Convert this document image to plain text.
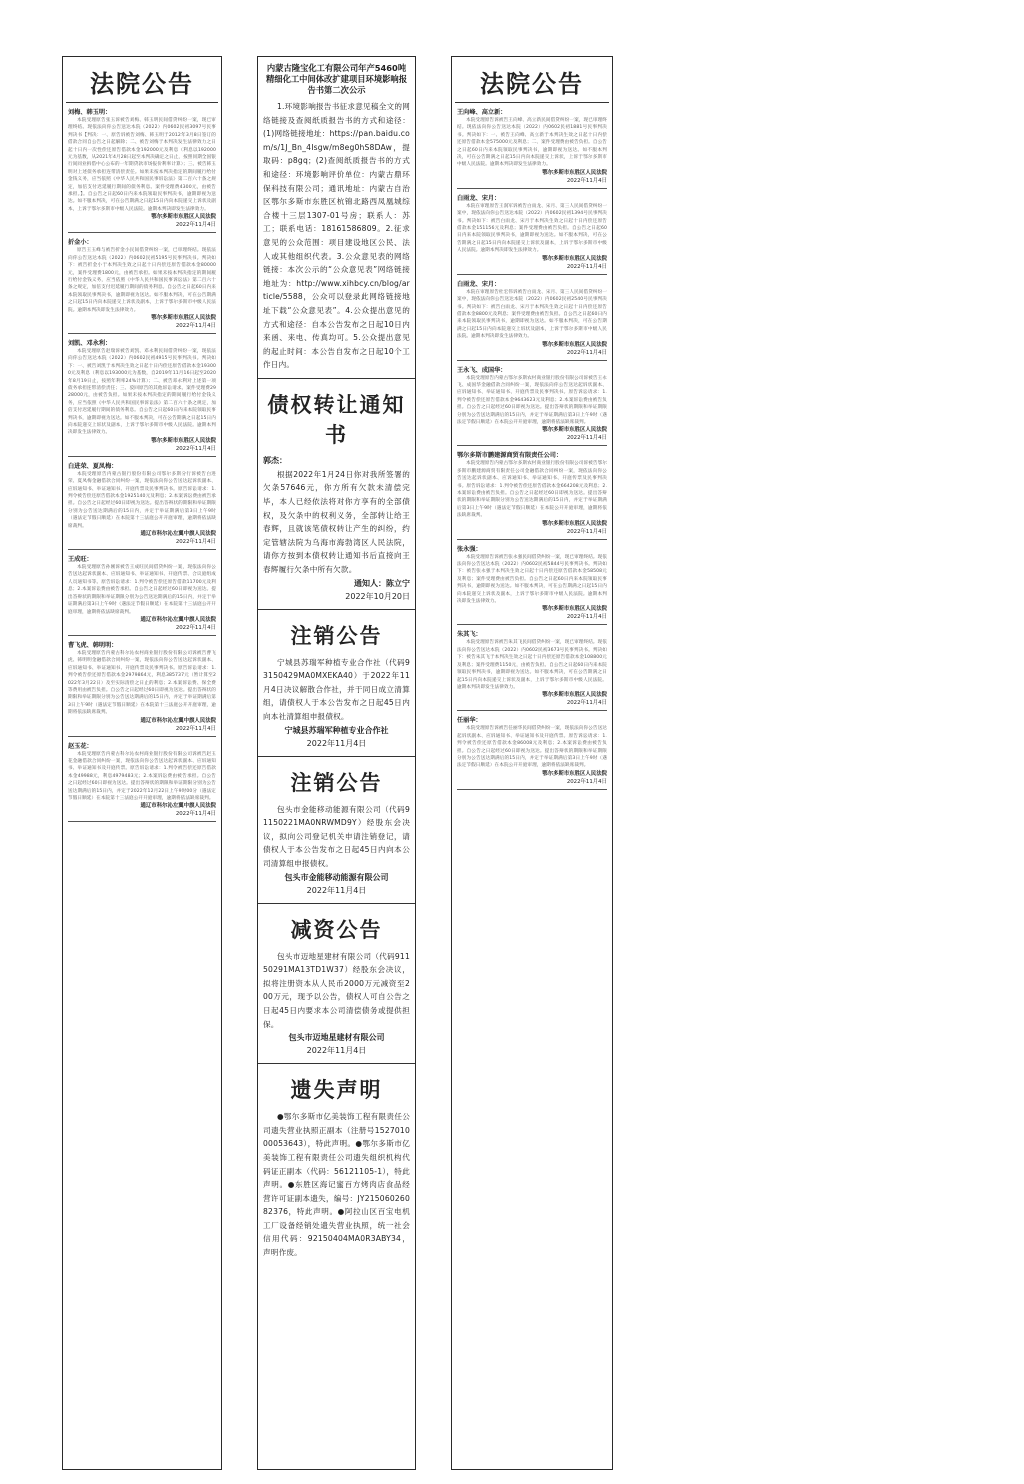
法院公告
刘梅、韩玉明：
本院受理原告张玉诉被告刘梅、韩玉明民间借贷纠纷一案，现已审理终结。现依法向你公告送达本院（2022）内0602民初3097号民事判决书【判决：一、原告诉被告刘梅、韩玉明于2012年3月8日签订的借款合同自公告之日起解除；二、被告刘梅于本判决发生法律效力之日起十日内一次性偿还原告借款本金192000元及利息（利息以192000元为基数，从2021年4月28日起至本判决确定之日止，按照同期全国银行间同业拆借中心公布的一年期贷款市场报价利率计算）；三、被告韩玉明对上述债务承担连带清偿责任。如果未按本判决指定的期间履行给付金钱义务，应当依照《中华人民共和国民事诉讼法》第二百六十条之规定，加倍支付迟延履行期间的债务利息。案件受理费4300元，由被告承担。】。自公告之日起60日内来本院领取民事判决书，逾期即视为送达。如不服本判决，可在公告期满之日起15日内向本院递交上诉状及副本，上诉于鄂尔多斯市中级人民法院。逾期本判决即发生法律效力。
鄂尔多斯市东胜区人民法院
2022年11月4日
折金小：
原告王玉峰与被告折金小民间借贷纠纷一案，已审理终结。现依法向你公告送达本院（2022）内0602民初5195号民事判决书。判决如下：被告折金小于本判决生效之日起十日内偿还原告借款本金80000元，案件受理费1800元，由被告承担。如果未按本判决指定的期间履行给付金钱义务，应当依照《中华人民共和国民事诉讼法》第二百六十条之规定，加倍支付迟延履行期间的债务利息。自公告之日起60日内来本院领取民事判决书，逾期即视为送达。如不服本判决，可在公告期满之日起15日内向本院递交上诉状及副本，上诉于鄂尔多斯市中级人民法院。逾期本判决即发生法律效力。
鄂尔多斯市东胜区人民法院
2022年11月4日
刘凯、邓永利：
本院受理原告赵瑞诉被告刘凯、邓永利民间借贷纠纷一案，现依法向你公告送达本院（2022）内0602民初4915号民事判决书。判决如下：一、被告刘凯于本判决生效之日起十日内偿还原告借款本金193000元及利息（利息以193000元为基数，自2019年11月16日起至2020年8月19日止，按照年利率24%计算）；二、被告邓永利对上述第一项债务承担连带清偿责任；三、驳回原告的其他诉讼请求。案件受理费2928000元，由被告负担。如果未按本判决指定的期间履行给付金钱义务，应当依照《中华人民共和国民事诉讼法》第二百六十条之规定，加倍支付迟延履行期间的债务利息。自公告之日起60日内来本院领取民事判决书，逾期即视为送达。如不服本判决，可在公告期满之日起15日内向本院递交上诉状及副本，上诉于鄂尔多斯市中级人民法院。逾期本判决即发生法律效力。
鄂尔多斯市东胜区人民法院
2022年11月4日
白进荣、夏凤梅：
本院受理原告内蒙古银行股份有限公司鄂尔多斯分行诉被告白进荣、夏凤梅金融借款合同纠纷一案，现依法向你公告送达起诉状副本、应诉通知书、举证通知书、开庭传票及民事判决书。原告诉讼请求：1.判令被告偿还原告借款本金1925140元及利息；2.本案诉讼费由被告承担。自公告之日起经过60日即视为送达。提出答辩状的期限和举证期限分别为公告送达期满后的15日内，并定于举证期满后第3日上午9时（遇法定节假日顺延）在本院第十三法庭公开开庭审理，逾期将依法缺席裁判。
通辽市科尔沁左翼中旗人民法院
2022年11月4日
王成旺：
本院受理原告孙刚诉被告王成旺民间借贷纠纷一案，现依法向你公告送达起诉状副本、应诉通知书、举证通知书、开庭传票、合议庭组成人员通知书等。原告诉讼请求：1.判令被告偿还原告借款11700元及利息；2.本案诉讼费由被告承担。自公告之日起经过60日即视为送达。提出答辩状的期限和举证期限分别为公告送达期满后的15日内，并定于举证期满后第3日上午9时（遇法定节假日顺延）在本院第十三法庭公开开庭审理，逾期将依法缺席裁判。
通辽市科尔沁左翼中旗人民法院
2022年11月4日
曹飞虎、韩明明：
本院受理原告内蒙古科尔沁农村商业银行股份有限公司诉被告曹飞虎、韩明明金融借款合同纠纷一案，现依法向你公告送达起诉状副本、应诉通知书、举证通知书、开庭传票及民事判决书。原告诉讼请求：1.判令被告偿还原告借款本金2979864元，利息385737元（暂计算至2022年3月22日）及至实际清偿之日止的利息；2.本案诉讼费、保全费等费用由被告负担。自公告之日起经过60日即视为送达。提出答辩状的期限和举证期限分别为公告送达期满后的15日内，并定于举证期满后第3日上午9时（遇法定节假日顺延）在本院第十三法庭公开开庭审理，逾期将依法缺席裁判。
通辽市科尔沁左翼中旗人民法院
2022年11月4日
赵玉花：
本院受理原告内蒙古科尔沁农村商业银行股份有限公司诉被告赵玉花金融借款合同纠纷一案，现依法向你公告送达起诉状副本、应诉通知书、举证通知书及开庭传票。原告诉讼请求：1.判令被告偿还原告借款本金49988元，利息4979483元；2.本案诉讼费由被告承担。自公告之日起经过60日即视为送达。提出答辩状的期限和举证期限分别为公告送达期满后的15日内，并定于2022年12月22日上午9时00分（遇法定节假日顺延）在本院第十三法庭公开开庭审理，逾期将依法缺席裁判。
通辽市科尔沁左翼中旗人民法院
2022年11月4日
内蒙古隆宝化工有限公司年产5460吨精细化工中间体改扩建项目环境影响报告书第二次公示
1.环境影响报告书征求意见稿全文的网络链接及查阅纸质报告书的方式和途径：(1)网络链接地址：https://pan.baidu.com/s/1J_Bn_4Isgw/m8eg0hS8DAw，提取码：p8gq；(2)查阅纸质报告书的方式和途径：环境影响评价单位：内蒙古鼎环保科技有限公司；通讯地址：内蒙古自治区鄂尔多斯市东胜区杭锦北路西凤凰城综合楼十三层1307-01号房；联系人：苏工；联系电话：18161586809。2.征求意见的公众范围：项目建设地区公民、法人或其他组织代表。3.公众意见表的网络链接：本次公示的“公众意见表”网络链接地址为：http://www.xihbcy.cn/blog/article/5588，公众可以登录此网络链接地址下载“公众意见表”。4.公众提出意见的方式和途径：自本公告发布之日起10日内来函、来电、传真均可。5.公众提出意见的起止时间：本公告自发布之日起10个工作日内。
债权转让通知书
郭杰：
根据2022年1月24日你对我所签署的欠条57646元，你方所有欠款未清偿完毕，本人已经依法将对你方享有的全部债权，及欠条中的权利义务，全部转让给王春辉，且就该笔债权转让产生的纠纷，约定管辖法院为乌海市海勃湾区人民法院，请你方按到本债权转让通知书后直接向王春辉履行欠条中所有欠款。
通知人：陈立宁
2022年10月20日
注销公告
宁城县苏瑞军种植专业合作社（代码93150429MA0MXEKA40）于2022年11月4日决议解散合作社，并于同日成立清算组，请债权人于本公告发布之日起45日内向本社清算组申报债权。
宁城县苏瑞军种植专业合作社
2022年11月4日
注销公告
包头市金能移动能源有限公司（代码91150221MA0NRWMD9Y）经股东会决议，拟向公司登记机关申请注销登记，请债权人于本公告发布之日起45日内向本公司清算组申报债权。
包头市金能移动能源有限公司
2022年11月4日
减资公告
包头市迈地星建材有限公司（代码91150291MA13TD1W37）经股东会决议，拟将注册资本从人民币2000万元减资至200万元，现予以公告，债权人可自公告之日起45日内要求本公司清偿债务或提供担保。
包头市迈地星建材有限公司
2022年11月4日
遗失声明
●鄂尔多斯市亿美装饰工程有限责任公司遗失营业执照正副本（注册号152701000053643），特此声明。●鄂尔多斯市亿美装饰工程有限责任公司遗失组织机构代码证正副本（代码：56121105-1），特此声明。●东胜区海记蜜百方烤肉店食品经营许可证副本遗失，编号：JY21506026082376，特此声明。●阿拉山区百宝电机工厂设备经销处遗失营业执照，统一社会信用代码：92150404MA0R3ABY34，声明作废。
法院公告
王向峰、高立新：
本院受理原告诉被告王向峰、高立新民间借贷纠纷一案，现已审理终结。现依法向你公告送达本院（2022）内0602民初1881号民事判决书。判决如下：一、被告王向峰、高立新于本判决生效之日起十日内偿还原告借款本金575000元及利息；二、案件受理费由被告负担。自公告之日起60日内来本院领取民事判决书，逾期即视为送达。如不服本判决，可在公告期满之日起15日内向本院递交上诉状，上诉于鄂尔多斯市中级人民法院。逾期本判决即发生法律效力。
鄂尔多斯市东胜区人民法院
2022年11月4日
白雨龙、宋月：
本院在审理原告王润军诉被告白雨龙、宋月、第三人民间借贷纠纷一案中，现依法向你公告送达本院（2022）内0602民初1394号民事判决书。判决如下：被告白雨龙、宋月于本判决生效之日起十日内偿还原告借款本金151156元及利息；案件受理费由被告负担。自公告之日起60日内来本院领取民事判决书，逾期即视为送达。如不服本判决，可在公告期满之日起15日内向本院递交上诉状及副本，上诉于鄂尔多斯市中级人民法院。逾期本判决即发生法律效力。
鄂尔多斯市东胜区人民法院
2022年11月4日
白雨龙、宋月：
本院在审理原告杜宏伟诉被告白雨龙、宋月、第三人民间借贷纠纷一案中，现依法向你公告送达本院（2022）内0602民初2540号民事判决书。判决如下：被告白雨龙、宋月于本判决生效之日起十日内偿还原告借款本金8800元及利息；案件受理费由被告负担。自公告之日起60日内来本院领取民事判决书，逾期即视为送达。如不服本判决，可在公告期满之日起15日内向本院递交上诉状及副本，上诉于鄂尔多斯市中级人民法院。逾期本判决即发生法律效力。
鄂尔多斯市东胜区人民法院
2022年11月4日
王永飞、成国华：
本院受理原告内蒙古鄂尔多斯农村商业银行股份有限公司诉被告王永飞、成国华金融借款合同纠纷一案，现依法向你公告送达起诉状副本、应诉通知书、举证通知书、开庭传票及民事判决书。原告诉讼请求：1.判令被告偿还原告借款本金9643623元及利息；2.本案诉讼费由被告负担。自公告之日起经过60日即视为送达。提出答辩状的期限和举证期限分别为公告送达期满后的15日内，并定于举证期满后第3日上午9时（遇法定节假日顺延）在本院公开开庭审理，逾期将依法缺席裁判。
鄂尔多斯市东胜区人民法院
2022年11月4日
鄂尔多斯市鹏建源商贸有限责任公司：
本院受理原告内蒙古鄂尔多斯农村商业银行股份有限公司诉被告鄂尔多斯市鹏建源商贸有限责任公司金融借款合同纠纷一案，现依法向你公告送达起诉状副本、应诉通知书、举证通知书、开庭传票及民事判决书。原告诉讼请求：1.判令被告偿还原告借款本金664208元及利息；2.本案诉讼费由被告负担。自公告之日起经过60日即视为送达。提出答辩状的期限和举证期限分别为公告送达期满后的15日内，并定于举证期满后第3日上午9时（遇法定节假日顺延）在本院公开开庭审理，逾期将依法缺席裁判。
鄂尔多斯市东胜区人民法院
2022年11月4日
张永强：
本院受理原告诉被告张永强民间借贷纠纷一案，现已审理终结。现依法向你公告送达本院（2022）内0602民初5844号民事判决书。判决如下：被告张永强于本判决生效之日起十日内偿还原告借款本金58508元及利息；案件受理费由被告负担。自公告之日起60日内来本院领取民事判决书，逾期即视为送达。如不服本判决，可在公告期满之日起15日内向本院递交上诉状及副本，上诉于鄂尔多斯市中级人民法院。逾期本判决即发生法律效力。
鄂尔多斯市东胜区人民法院
2022年11月4日
朱其飞：
本院受理原告诉被告朱其飞民间借贷纠纷一案，现已审理终结。现依法向你公告送达本院（2022）内0602民初3673号民事判决书。判决如下：被告朱其飞于本判决生效之日起十日内偿还原告借款本金108800元及利息；案件受理费1150元，由被告负担。自公告之日起60日内来本院领取民事判决书，逾期即视为送达。如不服本判决，可在公告期满之日起15日内向本院递交上诉状及副本，上诉于鄂尔多斯市中级人民法院。逾期本判决即发生法律效力。
鄂尔多斯市东胜区人民法院
2022年11月4日
任丽华：
本院受理原告诉被告任丽华民间借贷纠纷一案，现依法向你公告送达起诉状副本、应诉通知书、举证通知书及开庭传票。原告诉讼请求：1.判令被告偿还原告借款本金86008元及利息；2.本案诉讼费由被告负担。自公告之日起经过60日即视为送达。提出答辩状的期限和举证期限分别为公告送达期满后的15日内，并定于举证期满后第3日上午9时（遇法定节假日顺延）在本院公开开庭审理，逾期将依法缺席裁判。
鄂尔多斯市东胜区人民法院
2022年11月4日
